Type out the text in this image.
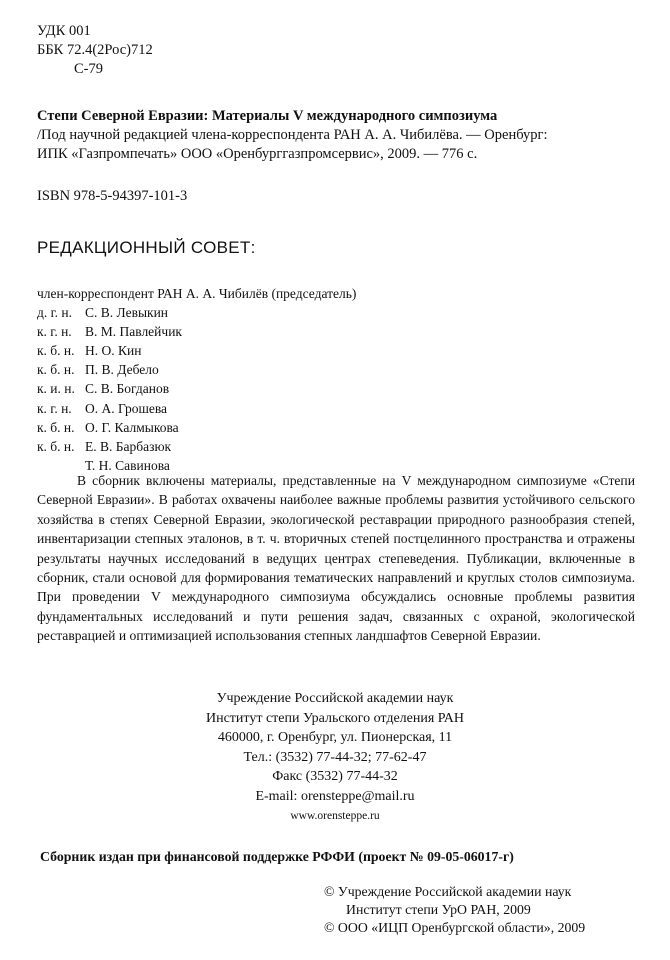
УДК 001
ББК 72.4(2Рос)712
С-79
Степи Северной Евразии: Материалы V международного симпозиума
/Под научной редакцией члена-корреспондента РАН А. А. Чибилёва. — Оренбург:
ИПК «Газпромпечать» ООО «Оренбурггазпромсервис», 2009. — 776 с.
ISBN 978-5-94397-101-3
РЕДАКЦИОННЫЙ СОВЕТ:
член-корреспондент РАН А. А. Чибилёв (председатель)
д. г. н. С. В. Левыкин
к. г. н. В. М. Павлейчик
к. б. н. Н. О. Кин
к. б. н. П. В. Дебело
к. и. н. С. В. Богданов
к. г. н. О. А. Грошева
к. б. н. О. Г. Калмыкова
к. б. н. Е. В. Барбазюк
Т. Н. Савинова

В сборник включены материалы, представленные на V международном симпозиуме «Степи Северной Евразии». В работах охвачены наиболее важные проблемы развития устойчивого сельского хозяйства в степях Северной Евразии, экологической реставрации природного разнообразия степей, инвентаризации степных эталонов, в т. ч. вторичных степей постцелинного пространства и отражены результаты научных исследований в ведущих центрах степеведения. Публикации, включенные в сборник, стали основой для формирования тематических направлений и круглых столов симпозиума. При проведении V международного симпозиума обсуждались основные проблемы развития фундаментальных исследований и пути решения задач, связанных с охраной, экологической реставрацией и оптимизацией использования степных ландшафтов Северной Евразии.

Учреждение Российской академии наук
Институт степи Уральского отделения РАН
460000, г. Оренбург, ул. Пионерская, 11
Тел.: (3532) 77-44-32; 77-62-47
Факс (3532) 77-44-32
E-mail: orensteppe@mail.ru
www.orensteppe.ru
Сборник издан при финансовой поддержке РФФИ (проект № 09-05-06017-г)
© Учреждение Российской академии наук
Институт степи УрО РАН, 2009
© ООО «ИЦП Оренбургской области», 2009
